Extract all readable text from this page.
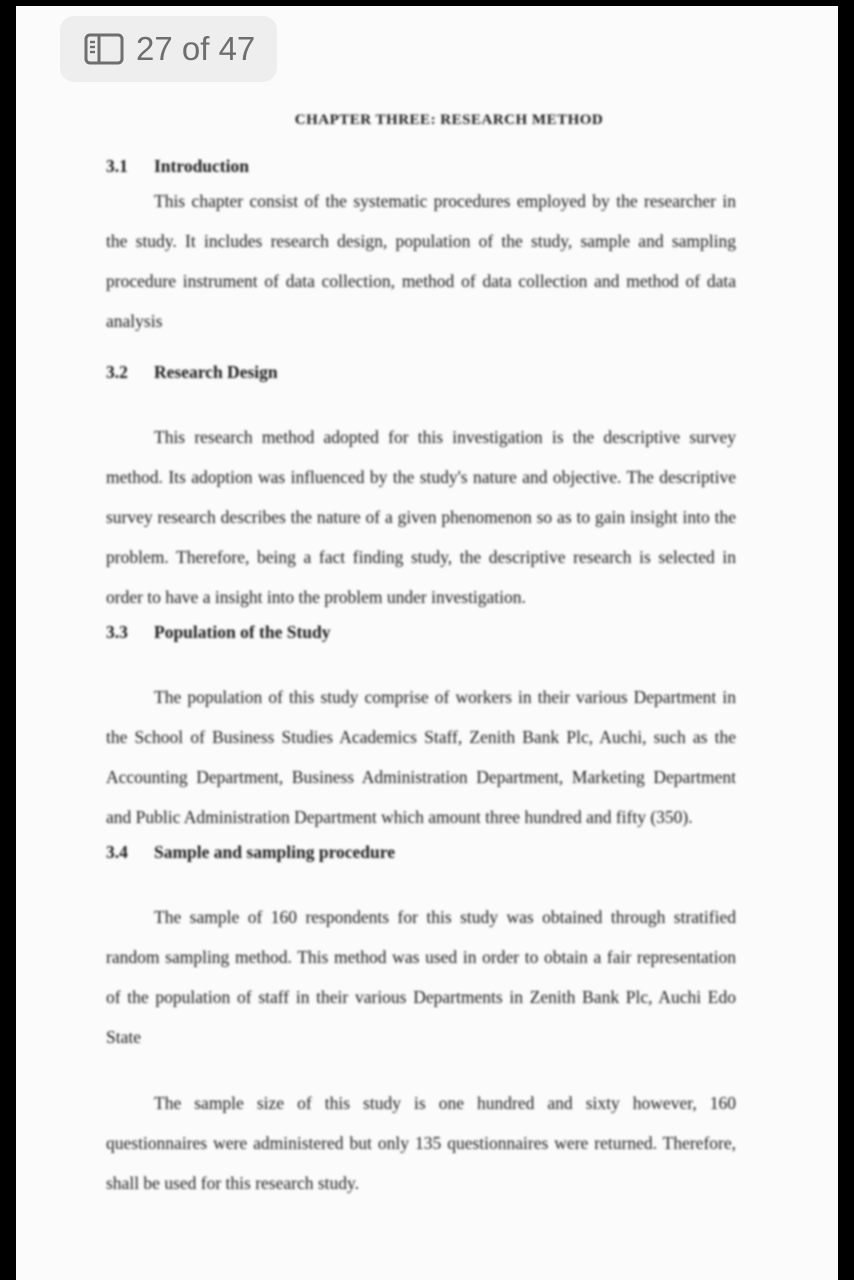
27 of 47
CHAPTER THREE: RESEARCH METHOD
3.1	Introduction

This chapter consist of the systematic procedures employed by the researcher in the study. It includes research design, population of the study, sample and sampling procedure instrument of data collection, method of data collection and method of data analysis

3.2	Research Design

This research method adopted for this investigation is the descriptive survey method. Its adoption was influenced by the study's nature and objective. The descriptive survey research describes the nature of a given phenomenon so as to gain insight into the problem. Therefore, being a fact finding study, the descriptive research is selected in order to have a insight into the problem under investigation.

3.3	Population of the Study

The population of this study comprise of workers in their various Department in the School of Business Studies Academics Staff, Zenith Bank Plc, Auchi, such as the Accounting Department, Business Administration Department, Marketing Department and Public Administration Department which amount three hundred and fifty (350).

3.4	Sample and sampling procedure

The sample of 160 respondents for this study was obtained through stratified random sampling method. This method was used in order to obtain a fair representation of the population of staff in their various Departments in Zenith Bank Plc, Auchi Edo State

The sample size of this study is one hundred and sixty however, 160 questionnaires were administered but only 135 questionnaires were returned. Therefore, shall be used for this research study.
